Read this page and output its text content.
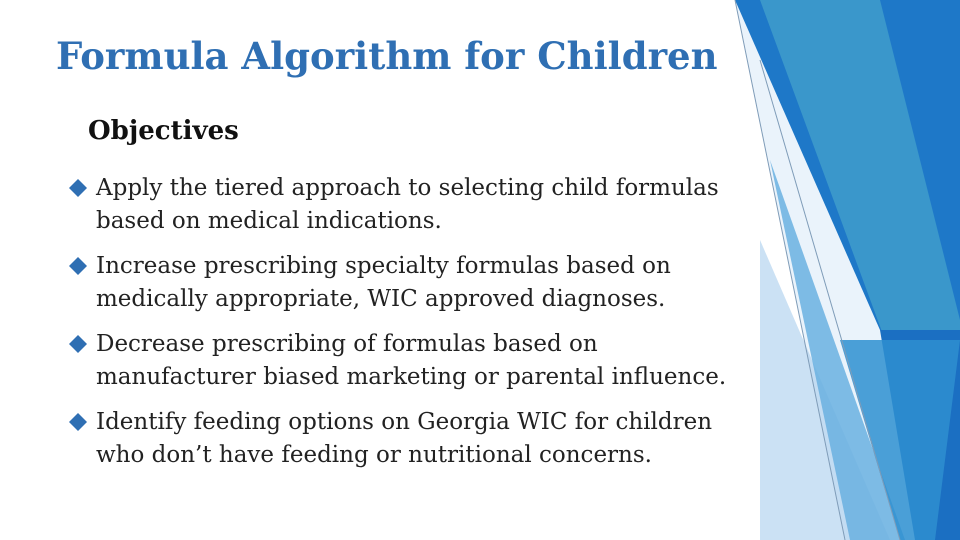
Formula Algorithm for Children
Objectives
Apply the tiered approach to selecting child formulas based on medical indications.
Increase prescribing specialty formulas based on medically appropriate, WIC approved diagnoses.
Decrease prescribing of formulas based on manufacturer biased marketing or parental influence.
Identify feeding options on Georgia WIC for children who don’t have feeding or nutritional concerns.
